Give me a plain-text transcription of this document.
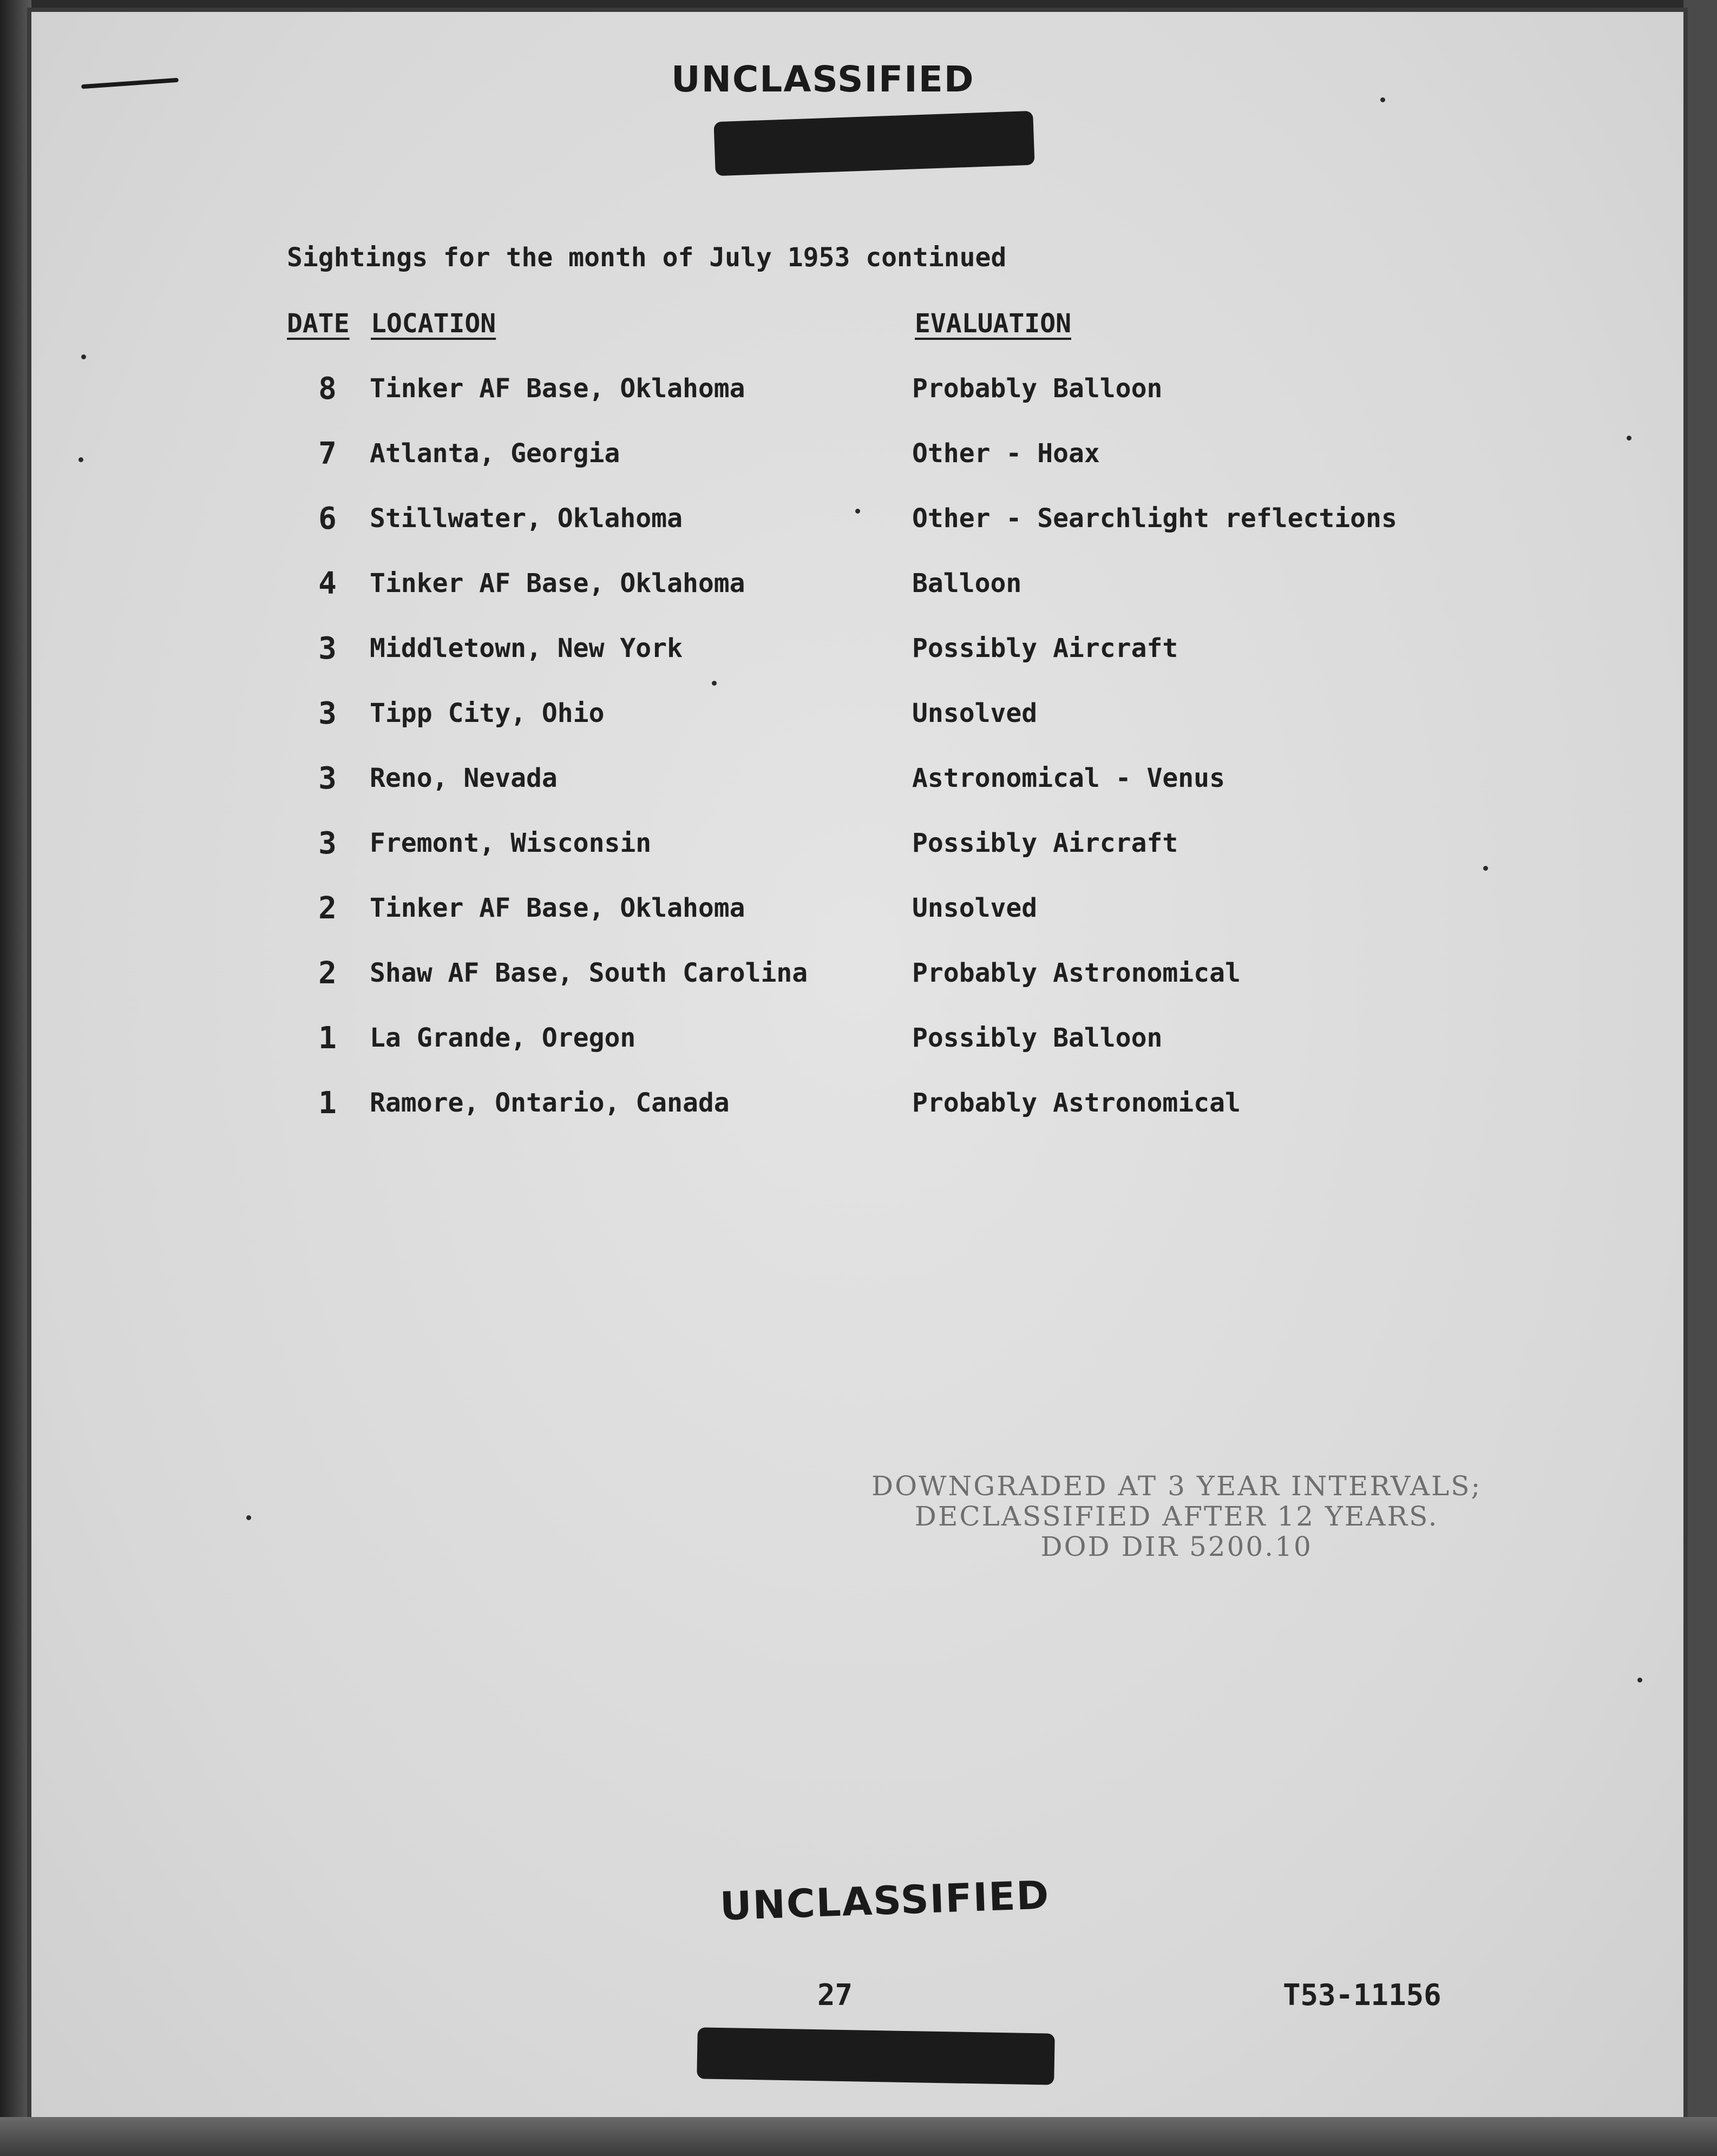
UNCLASSIFIED
Sightings for the month of July 1953 continued
DATE LOCATION	EVALUATION
8 Tinker AF Base, Oklahoma	Probably Balloon
7 Atlanta, Georgia	Other - Hoax
6 Stillwater, Oklahoma	Other - Searchlight reflections
4 Tinker AF Base, Oklahoma	Balloon
3 Middletown, New York	Possibly Aircraft
3 Tipp City, Ohio	Unsolved
3 Reno, Nevada	Astronomical - Venus
3 Fremont, Wisconsin	Possibly Aircraft
2 Tinker AF Base, Oklahoma	Unsolved
2 Shaw AF Base, South Carolina	Probably Astronomical
1 La Grande, Oregon	Possibly Balloon
1 Ramore, Ontario, Canada	Probably Astronomical
DOWNGRADED AT 3 YEAR INTERVALS;
DECLASSIFIED AFTER 12 YEARS.
DOD DIR 5200.10
UNCLASSIFIED
27	T53-11156
